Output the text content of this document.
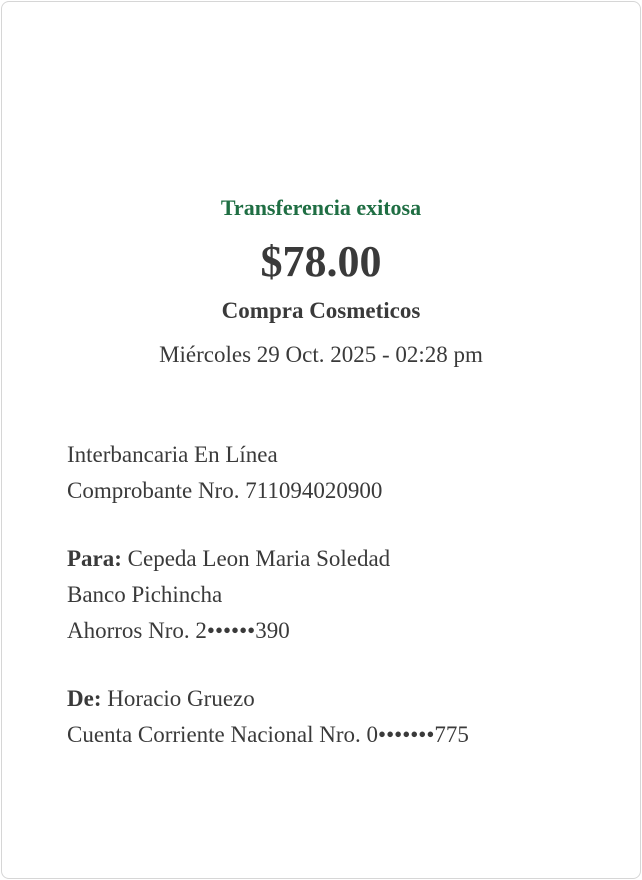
Transferencia exitosa
$78.00
Compra Cosmeticos
Miércoles 29 Oct. 2025 - 02:28 pm
Interbancaria En Línea
Comprobante Nro. 711094020900
Para: Cepeda Leon Maria Soledad
Banco Pichincha
Ahorros Nro. 2••••••390
De: Horacio Gruezo
Cuenta Corriente Nacional Nro. 0•••••••775
